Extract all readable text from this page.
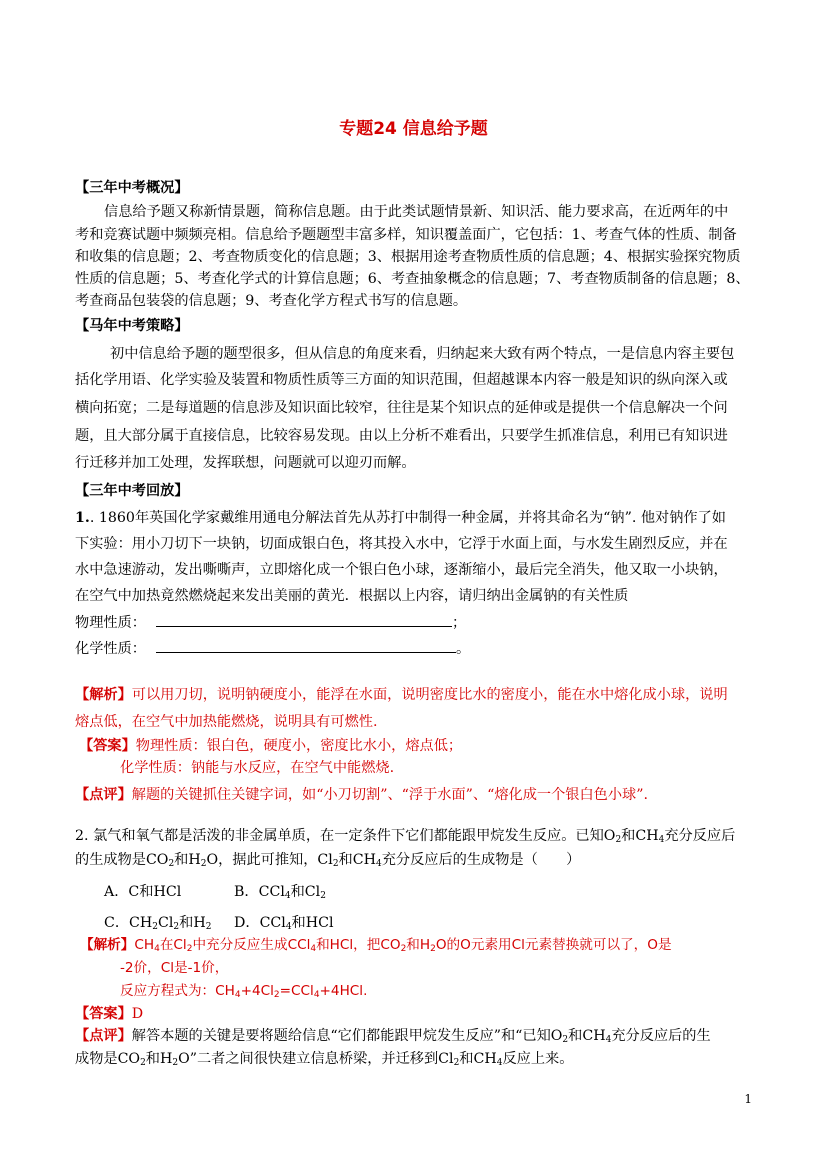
专题24 信息给予题
【三年中考概况】
信息给予题又称新情景题，简称信息题。由于此类试题情景新、知识活、能力要求高，在近两年的中
考和竞赛试题中频频亮相。信息给予题题型丰富多样，知识覆盖面广，它包括：1、考查气体的性质、制备
和收集的信息题；2、考查物质变化的信息题；3、根据用途考查物质性质的信息题；4、根据实验探究物质
性质的信息题；5、考查化学式的计算信息题；6、考查抽象概念的信息题；7、考查物质制备的信息题；8、
考查商品包装袋的信息题；9、考查化学方程式书写的信息题。
【马年中考策略】
初中信息给予题的题型很多，但从信息的角度来看，归纳起来大致有两个特点，一是信息内容主要包
括化学用语、化学实验及装置和物质性质等三方面的知识范围，但超越课本内容一般是知识的纵向深入或
横向拓宽；二是每道题的信息涉及知识面比较窄，往往是某个知识点的延伸或是提供一个信息解决一个问
题，且大部分属于直接信息，比较容易发现。由以上分析不难看出，只要学生抓准信息，利用已有知识进
行迁移并加工处理，发挥联想，问题就可以迎刃而解。
【三年中考回放】
1.. 1860年英国化学家戴维用通电分解法首先从苏打中制得一种金属，并将其命名为“钠”. 他对钠作了如
下实验：用小刀切下一块钠，切面成银白色，将其投入水中，它浮于水面上面，与水发生剧烈反应，并在
水中急速游动，发出嘶嘶声，立即熔化成一个银白色小球，逐渐缩小，最后完全消失，他又取一小块钠，
在空气中加热竟然燃烧起来发出美丽的黄光．根据以上内容，请归纳出金属钠的有关性质
物理性质：	；
化学性质：	。
【解析】可以用刀切，说明钠硬度小，能浮在水面，说明密度比水的密度小，能在水中熔化成小球，说明
熔点低，在空气中加热能燃烧，说明具有可燃性.
【答案】物理性质：银白色，硬度小，密度比水小，熔点低；
化学性质：钠能与水反应，在空气中能燃烧.
【点评】解题的关键抓住关键字词，如“小刀切割”、“浮于水面”、“熔化成一个银白色小球”.
2. 氯气和氧气都是活泼的非金属单质，在一定条件下它们都能跟甲烷发生反应。已知$O_2$和$CH_4$充分反应后
的生成物是$CO_2$和$H_2O$，据此可推知，$Cl_2$和$CH_4$充分反应后的生成物是（　　）
A．C和HCl	B．CCl$_4$和$Cl_2$
C．$CH_2Cl_2$和$H_2$ D．CCl$_4$和HCl
【解析】$CH_4$在$Cl_2$中充分反应生成CCl$_4$和HCl，把$CO_2$和$H_2O$的O元素用Cl元素替换就可以了，O是
-2价，Cl是-1价，
反应方程式为：$CH_4+4Cl_2=CCl_4+4HCl$.
【答案】D
【点评】解答本题的关键是要将题给信息“它们都能跟甲烷发生反应”和“已知$O_2$和$CH_4$充分反应后的生
成物是$CO_2$和$H_2O$”二者之间很快建立信息桥梁，并迁移到$Cl_2$和$CH_4$反应上来。
1
